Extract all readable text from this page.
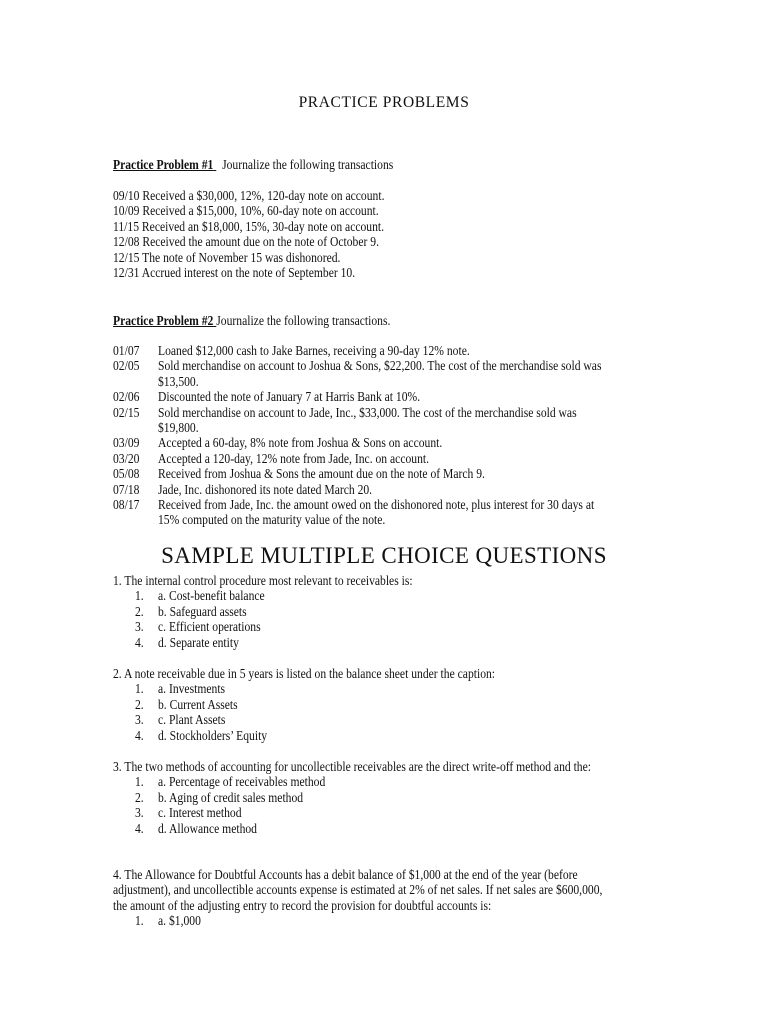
PRACTICE PROBLEMS
Practice Problem #1 Journalize the following transactions
09/10 Received a $30,000, 12%, 120-day note on account.
10/09 Received a $15,000, 10%, 60-day note on account.
11/15 Received an $18,000, 15%, 30-day note on account.
12/08 Received the amount due on the note of October 9.
12/15 The note of November 15 was dishonored.
12/31 Accrued interest on the note of September 10.
Practice Problem #2 Journalize the following transactions.
01/07 Loaned $12,000 cash to Jake Barnes, receiving a 90-day 12% note.
02/05 Sold merchandise on account to Joshua & Sons, $22,200. The cost of the merchandise sold was
$13,500.
02/06 Discounted the note of January 7 at Harris Bank at 10%.
02/15 Sold merchandise on account to Jade, Inc., $33,000. The cost of the merchandise sold was
$19,800.
03/09 Accepted a 60-day, 8% note from Joshua & Sons on account.
03/20 Accepted a 120-day, 12% note from Jade, Inc. on account.
05/08 Received from Joshua & Sons the amount due on the note of March 9.
07/18 Jade, Inc. dishonored its note dated March 20.
08/17 Received from Jade, Inc. the amount owed on the dishonored note, plus interest for 30 days at
15% computed on the maturity value of the note.
SAMPLE MULTIPLE CHOICE QUESTIONS
1. The internal control procedure most relevant to receivables is:
1. a. Cost-benefit balance
2. b. Safeguard assets
3. c. Efficient operations
4. d. Separate entity
2. A note receivable due in 5 years is listed on the balance sheet under the caption:
1. a. Investments
2. b. Current Assets
3. c. Plant Assets
4. d. Stockholders’ Equity
3. The two methods of accounting for uncollectible receivables are the direct write-off method and the:
1. a. Percentage of receivables method
2. b. Aging of credit sales method
3. c. Interest method
4. d. Allowance method
4. The Allowance for Doubtful Accounts has a debit balance of $1,000 at the end of the year (before
adjustment), and uncollectible accounts expense is estimated at 2% of net sales. If net sales are $600,000,
the amount of the adjusting entry to record the provision for doubtful accounts is:
1. a. $1,000
